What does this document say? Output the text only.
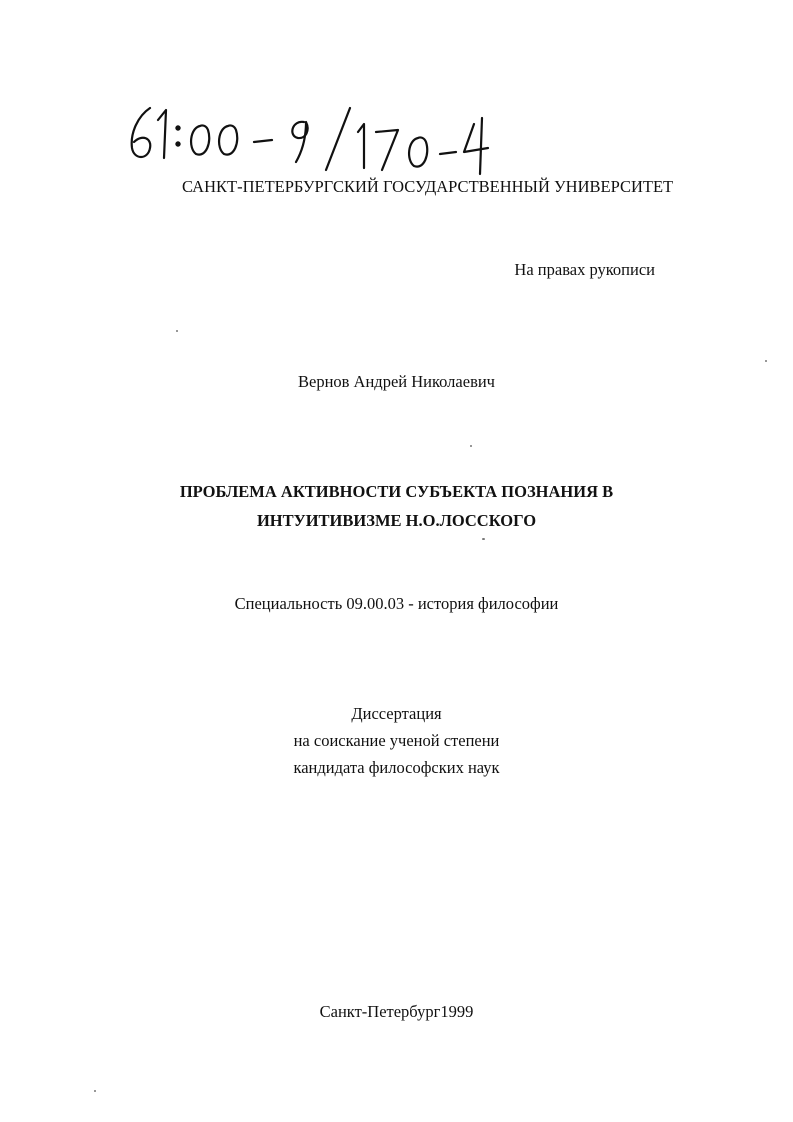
САНКТ-ПЕТЕРБУРГСКИЙ ГОСУДАРСТВЕННЫЙ УНИВЕРСИТЕТ
На правах рукописи
Вернов Андрей Николаевич
ПРОБЛЕМА АКТИВНОСТИ СУБЪЕКТА ПОЗНАНИЯ В
ИНТУИТИВИЗМЕ Н.О.ЛОССКОГО
Специальность 09.00.03 - история философии
Диссертация
на соискание ученой степени
кандидата философских наук
Санкт-Петербург1999
